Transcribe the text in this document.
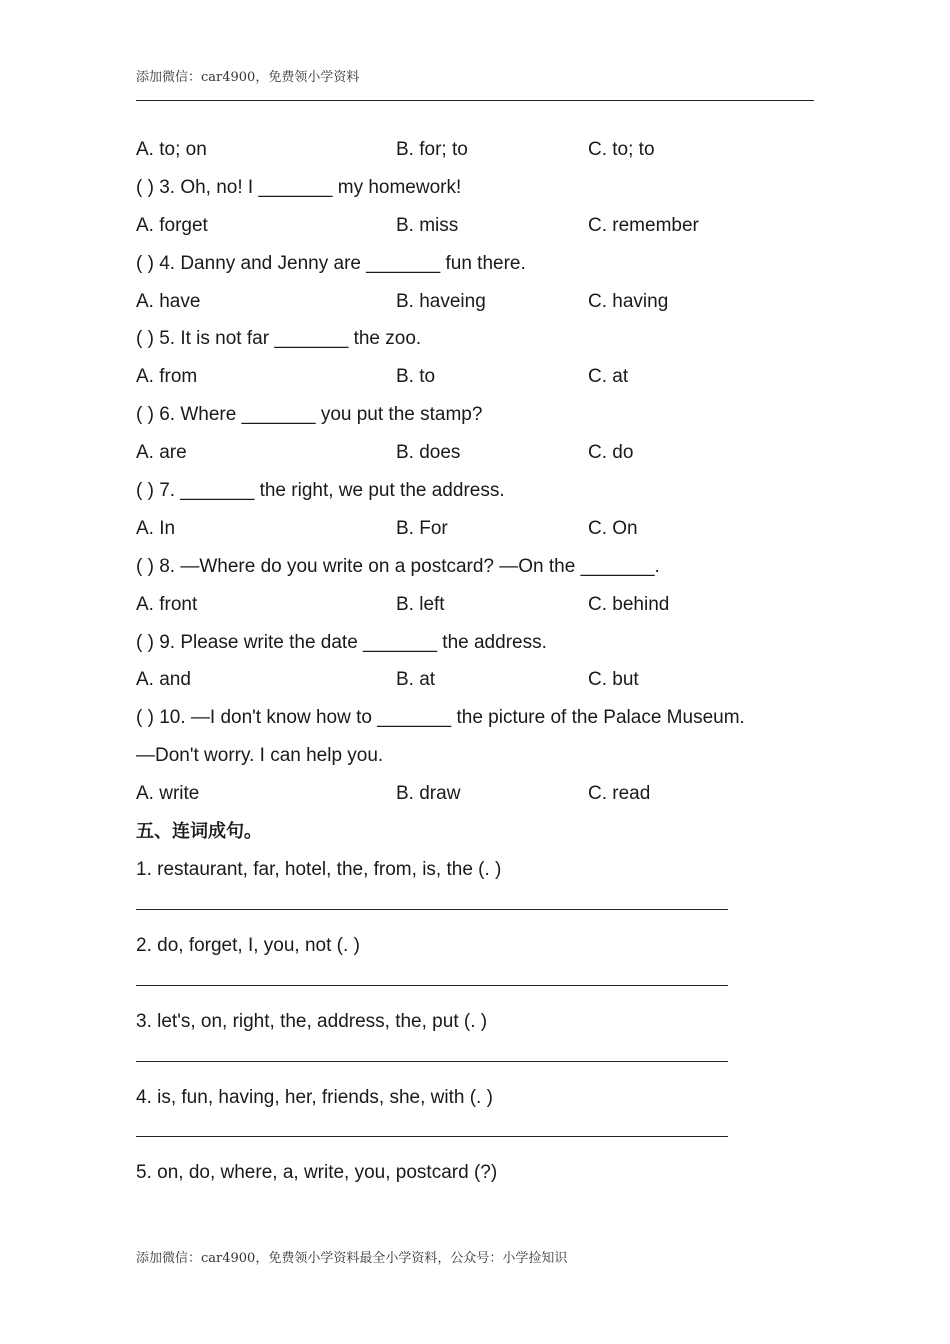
添加微信：car4900，免费领小学资料
A. to; on	B. for; to	C. to; to
( ) 3. Oh, no! I _______ my homework!
A. forget	B. miss	C. remember
( ) 4. Danny and Jenny are _______ fun there.
A. have	B. haveing	C. having
( ) 5. It is not far _______ the zoo.
A. from	B. to	C. at
( ) 6. Where _______ you put the stamp?
A. are	B. does	C. do
( ) 7. _______ the right, we put the address.
A. In	B. For	C. On
( ) 8. —Where do you write on a postcard? —On the _______.
A. front	B. left	C. behind
( ) 9. Please write the date _______ the address.
A. and	B. at	C. but
( ) 10. —I don't know how to _______ the picture of the Palace Museum.
—Don't worry. I can help you.
A. write	B. draw	C. read
五、连词成句。
1. restaurant, far, hotel, the, from, is, the (. )
2. do, forget, I, you, not (. )
3. let's, on, right, the, address, the, put (. )
4. is, fun, having, her, friends, she, with (. )
5. on, do, where, a, write, you, postcard (?)
添加微信：car4900，免费领小学资料最全小学资料，公众号：小学捡知识
